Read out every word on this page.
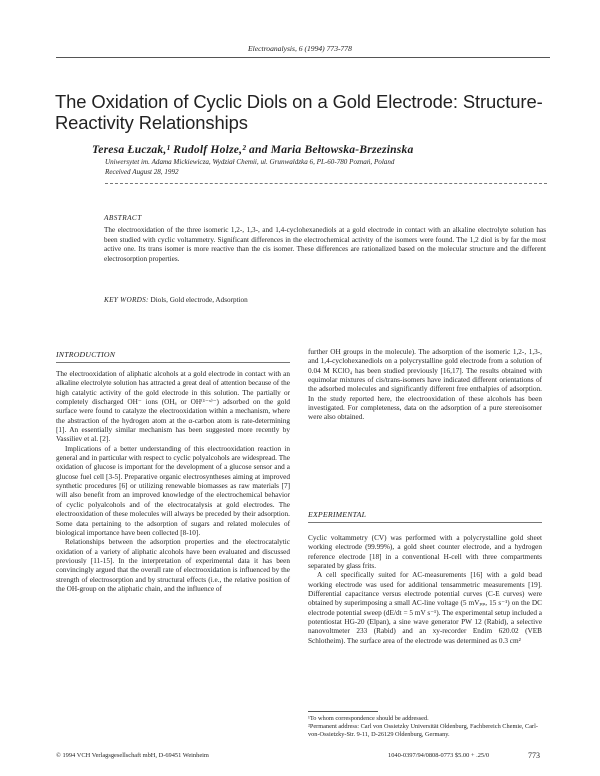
Electroanalysis, 6 (1994) 773-778
The Oxidation of Cyclic Diols on a Gold Electrode: Structure-Reactivity Relationships
Teresa Łuczak,¹ Rudolf Holze,² and Maria Bełtowska-Brzezinska
Uniwersytet im. Adama Mickiewicza, Wydział Chemii, ul. Grunwaldzka 6, PL-60-780 Poznań, Poland
Received August 28, 1992
ABSTRACT
The electrooxidation of the three isomeric 1,2-, 1,3-, and 1,4-cyclohexanediols at a gold electrode in contact with an alkaline electrolyte solution has been studied with cyclic voltammetry. Significant differences in the electrochemical activity of the isomers were found. The 1,2 diol is by far the most active one. Its trans isomer is more reactive than the cis isomer. These differences are rationalized based on the molecular structure and the different electrosorption properties.
KEY WORDS: Diols, Gold electrode, Adsorption
INTRODUCTION

The electrooxidation of aliphatic alcohols at a gold electrode in contact with an alkaline electrolyte solution has attracted a great deal of attention because of the high catalytic activity of the gold electrode in this solution. The partially or completely discharged OH⁻ ions (OHₐ or OH⁽¹⁻ˣ⁾⁻) adsorbed on the gold surface were found to catalyze the electrooxidation within a mechanism, where the abstraction of the hydrogen atom at the α-carbon atom is rate-determining [1]. An essentially similar mechanism has been suggested more recently by Vassiliev et al. [2].

Implications of a better understanding of this electrooxidation reaction in general and in particular with respect to cyclic polyalcohols are widespread. The oxidation of glucose is important for the development of a glucose sensor and a glucose fuel cell [3-5]. Preparative organic electrosyntheses aiming at improved synthetic procedures [6] or utilizing renewable biomasses as raw materials [7] will also benefit from an improved knowledge of the electrochemical behavior of cyclic polyalcohols and of the electrocatalysis at gold electrodes. The electrooxidation of these molecules will always be preceded by their adsorption. Some data pertaining to the adsorption of sugars and related molecules of biological importance have been collected [8-10].

Relationships between the adsorption properties and the electrocatalytic oxidation of a variety of aliphatic alcohols have been evaluated and discussed previously [11-15]. In the interpretation of experimental data it has been convincingly argued that the overall rate of electrooxidation is influenced by the strength of electrosorption and by structural effects (i.e., the relative position of the OH-group on the aliphatic chain, and the influence of

further OH groups in the molecule). The adsorption of the isomeric 1,2-, 1,3-, and 1,4-cyclohexanediols on a polycrystalline gold electrode from a solution of 0.04 M KClO₄ has been studied previously [16,17]. The results obtained with equimolar mixtures of cis/trans-isomers have indicated different orientations of the adsorbed molecules and significantly different free enthalpies of adsorption. In the study reported here, the electrooxidation of these alcohols has been investigated. For completeness, data on the adsorption of a pure stereoisomer were also obtained.

EXPERIMENTAL

Cyclic voltammetry (CV) was performed with a polycrystalline gold sheet working electrode (99.99%), a gold sheet counter electrode, and a hydrogen reference electrode [18] in a conventional H-cell with three compartments separated by glass frits.

A cell specifically suited for AC-measurements [16] with a gold bead working electrode was used for additional tensammetric measurements [19]. Differential capacitance versus electrode potential curves (C-E curves) were obtained by superimposing a small AC-line voltage (5 mVₚₚ, 15 s⁻¹) on the DC electrode potential sweep (dE/dt = 5 mV s⁻¹). The experimental setup included a potentiostat HG-20 (Elpan), a sine wave generator PW 12 (Rabid), a selective nanovoltmeter 233 (Rabid) and an xy-recorder Endim 620.02 (VEB Schlotheim). The surface area of the electrode was determined as 0.3 cm²

¹To whom correspondence should be addressed.
²Permanent address: Carl von Ossietzky Universität Oldenburg, Fachbereich Chemie, Carl-von-Ossietzky-Str. 9-11, D-26129 Oldenburg, Germany.
© 1994 VCH Verlagsgesellschaft mbH, D-69451 Weinheim	1040-0397/94/0808-0773 $5.00 + .25/0	773
